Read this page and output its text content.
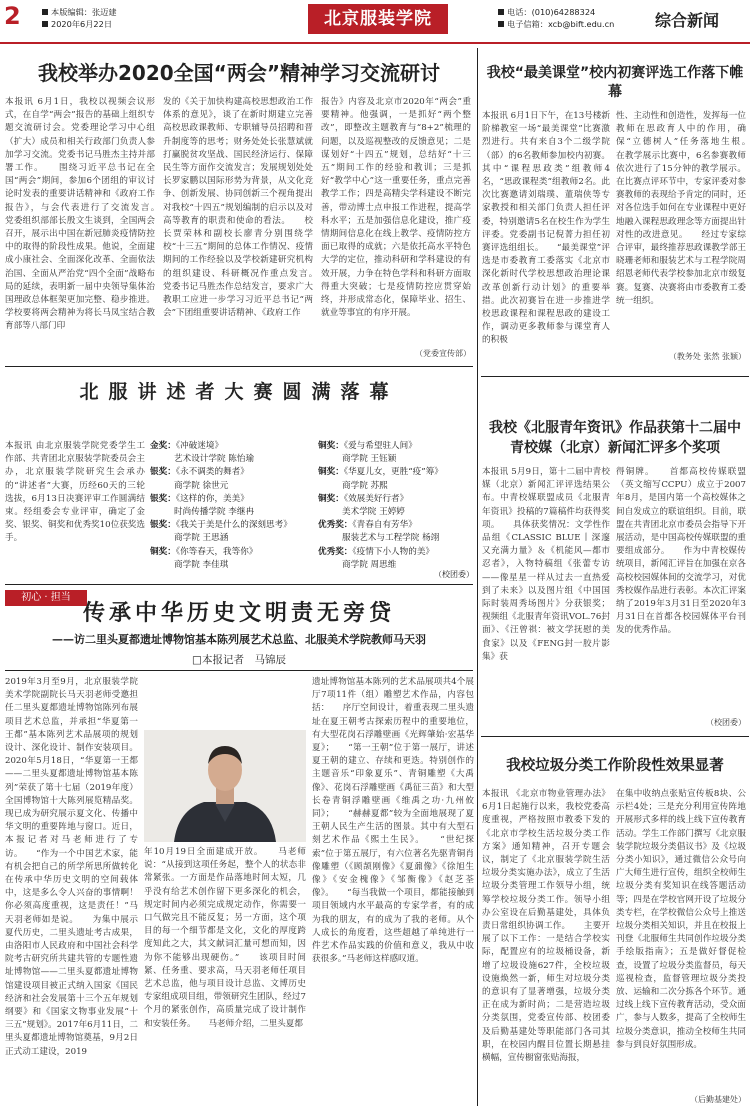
2	本版编辑：张迈建
2020年6月22日	北京服装学院	电话：(010)64288324
电子信箱：xcb@bift.edu.cn	综合新闻
我校举办2020全国“两会”精神学习交流研讨
本报讯 6月1日，我校以视频会议形式，在自学“两会”报告的基础上组织专题交流研讨会。党委理论学习中心组（扩大）成员和相关行政部门负责人参加学习交流。党委书记马胜杰主持并部署工作。　　围绕习近平总书记在全国“两会”期间，参加6个团组的审议讨论时发表的重要讲话精神和《政府工作报告》，与会代表进行了交流发言。　　党委组织部部长殷文生谈到，全国两会召开，展示出中国在新冠肺炎疫情防控中的取得的阶段性成果。他说，全面建成小康社会、全面深化改革、全面依法治国、全面从严治党“四个全面”战略布局的延续，表明新一届中央领导集体治国理政总体框架更加完整、稳步推进。学校要将两会精神为将长马凤宝结合教育部等八部门印
发的《关于加快构建高校思想政治工作体系的意见》，谈了在新时期建立完善高校思政课教师、专职辅导员招聘和晋升制度等的思考；财务处处长张慧斌就打赢脱贫攻坚战、国民经济运行、保障民生等方面作交流发言；发展规划处处长罗家鹏以国际形势为背景，从文化竞争、创新发展、协同创新三个视角提出对我校“十四五”规划编制的启示以及对高等教育的职责和使命的看法。　　校长贾荣林和副校长廖青分别围绕学校“十三五”期间的总体工作情况、疫情期间的工作经验以及学校新建研究机构的组织建设、科研概况作重点发言。　　党委书记马胜杰作总结发言，要求广大教职工应进一步学习习近平总书记“两会”下团组重要讲话精神、《政府工作
报告》内容及北京市2020年“两会”重要精神。他强调，一是抓好“两个整改”，即整改主题教育与“8+2”梳理的问题，以及巡视整改的反馈意见；二是谋划好“十四五”规划，总结好“十三五”期间工作的经验和教训；三是抓好“教学中心”这一重要任务，重点完善教学工作；四是高精尖学科建设不断完善，带动博士点申报工作进程，提高学科水平；五是加强信息化建设，推广疫情期间信息化在线上教学、疫情防控方面已取得的成就；六是依托高水平特色大学的定位，推动科研和学科建设的有效开展，力争在特色学科和科研方面取得重大突破；七是疫情防控应贯穿始终，并形成常态化，保障毕业、招生、就业等事宜的有序开展。
（党委宣传部）
北服讲述者大赛圆满落幕
本报讯 由北京服装学院党委学生工作部、共青团北京服装学院委员会主办，北京服装学院研究生会承办的“讲述者”大赛，历经60天的三轮选拔，6月13日决赛评审工作圆满结束。经组委会专业评审，确定了金奖、银奖、铜奖和优秀奖10位获奖选手。
金奖：《冲破迷境》
艺术设计学院 陈怡瑜
银奖：《永不调类的舞者》
商学院 徐世元
银奖：《这样的你，美美》
时尚传播学院 李继冉
银奖：《我关于美是什么的深刻思考》
商学院 王思涵
铜奖：《你等春天，我等你》
商学院 李佳琪
铜奖：《爱与希望驻人间》
商学院 王钰颖
铜奖：《华夏儿女，更胜“疫”筹》
商学院 苏熙
铜奖：《效展美好行者》
美术学院 王婷婷
优秀奖：《青春自有芳华》
服装艺术与工程学院 杨翊
优秀奖：《疫情下小人物的美》
商学院 周思维
（校团委）
初心 · 担当
传承中华历史文明责无旁贷
——访二里头夏都遗址博物馆基本陈列展艺术总监、北服美术学院教师马天羽
□本报记者　马锦辰
2019年3月至9月，北京服装学院美术学院副院长马天羽老师受邀担任二里头夏都遗址博物馆陈列布展项目艺术总监，并承担“华夏第一王都”基本陈列艺术品展项的规划设计、深化设计、制作安装项目。2020年5月18日，“华夏第一王都——二里头夏都遗址博物馆基本陈列”荣获了第十七届（2019年度）全国博物馆十大陈列展览精品奖。现已成为研究展示夏文化、传播中华文明的重要阵地与窗口。近日，本报记者对马老师进行了专访。　　“作为一个中国艺术家，能有机会把自己的所学所思所做转化在传承中华历史文明的空间载体中，这是多么令人兴奋的事情啊！你必须高度重视，这是责任！”马天羽老师如是说。　　为集中展示夏代历史，二里头遗址考古成果，由洛阳市人民政府和中国社会科学院考古研究所共建共管的专题性遗址博物馆——二里头夏都遗址博物馆建设项目被正式纳入国家《国民经济和社会发展第十三个五年规划纲要》和《国家文物事业发展“十三五”规划》。2017年6月11日，二里头夏都遗址博物馆奠基，9月2日正式动工建设，2019
年10月19日全面建成开放。　　马老师说：“从接到这项任务起，整个人的状态非常紧张。一方面是作品落地时间太短，几乎没有给艺术创作留下更多深化的机会，规定时间内必须完成规定动作，你需要一口气做完且不能反复；另一方面，这个项目的每一个细节都是文化，文化的厚度跨度知此之大，其文献词汇量可想而知，因为你不能够出现硬伤。”　　该项目时间紧、任务重、要求高，马天羽老师任项目艺术总监，他与项目设计总监、文博历史专家组成项目组，带领研究生团队，经过7个月的紧张创作，高质量完成了设计制作和安装任务。　　马老师介绍，二里头夏都
遗址博物馆基本陈列的艺术品展项共4个展厅7项11件（组）雕塑艺术作品，内容包括：　　序厅空间设计，着重表现二里头遗址在夏王朝考古探索历程中的重要地位，有大型花岗石浮雕壁画《光辉肇始·宏基华夏》；　　“第一王朝”位于第一展厅，讲述夏王朝的建立、存续和更迭。特别创作的主题音乐“印象夏乐”、青铜雕塑《大禹像》、花岗石浮雕壁画《禹征三苗》和大型长卷青铜浮雕壁画《维禹之功·九州攸同》；　　“赫赫夏都”较为全面地展现了夏王朝人民生产生活的图景。其中有大型石刻艺术作品《熙土生民》。　　“世纪探索”位于第五展厅，有六位著名先驱青铜肖像雕塑（《顾颉刚像》《夏鼐像》《徐旭生像》《安金槐像》《邹衡像》《赵芝荃像》。　　“每当我做一个项目，都能接触到项目领域内水平最高的专家学者，有的成为我的朋友，有的成为了我的老师。从个人成长的角度看，这些超越了单纯进行一件艺术作品实践的价值和意义，我从中收获很多。”马老师这样感叹道。
我校“最美课堂”校内初赛评选工作落下帷幕
本报讯 6月1日下午，在13号楼新阶梯教室一场“最美课堂”比赛激烈进行。共有来自3个二级学院（部）的6名教师参加校内初赛。其中“课程思政类”组教师4名，“思政课程类”组教师2名。此次比赛邀请刘瑞璞、董瑞侠等专家教授和相关部门负责人担任评委，特别邀请5名在校生作为学生评委。党委副书记倪菁力担任初赛评选组组长。　　“最美课堂”评选是市委教育工委落实《北京市深化新时代学校思想政治理论课改革创新行动计划》的重要举措。此次初赛旨在进一步推进学校思政课程和课程思政的建设工作，调动更多教师参与课堂育人的积极
性、主动性和创造性，发挥每一位教师在思政育人中的作用，确保“立德树人”任务落地生根。　　在教学展示比赛中，6名参赛教师依次进行了15分钟的教学展示。在比赛点评环节中，专家评委对参赛教师的表现给予肯定的同时，还对各位选手如何在专业课程中更好地融入课程思政理念等方面提出针对性的改进意见。　　经过专家综合评审，最终推荐思政课教学部王晓珊老师和服装艺术与工程学院周绍恩老师代表学校参加北京市级复赛。复赛、决赛将由市委教育工委统一组织。
（教务处 张然 张颖）
我校《北服青年资讯》作品获第十二届中青校媒（北京）新闻汇评多个奖项
本报讯 5月9日，第十二届中青校媒（北京）新闻汇评评选结果公布。中青校媒联盟成员《北服青年资讯》投稿的7篇稿件均获得奖项。　　具体获奖情况：文学性作品组《CLASSIC BLUE丨深邃又充满力量》＆《机能风—都市忍者》，入物特稿组《张蕾专访——像星星一样从过去一直热爱到了未来》以及图片组《中国国际时装周秀场图片》分获银奖；视频组《北服青年资讯VOL.76封面》、《汪曾祺：被文学抚慰的美食家》以及《FENG封一胶片影集》获
得铜牌。　　首都高校传媒联盟（英文缩写CCPU）成立于2007年8月，是国内第一个高校媒体之间自发成立的联谊组织。目前，联盟在共青团北京市委员会指导下开展活动，是中国高校传媒联盟的重要组成部分。　　作为中青校媒传统项目，新闻汇评旨在加强在京各高校校园媒体间的交流学习，对优秀校媒作品进行表彰。本次汇评案纳了2019年3月31日至2020年3月31日在首都各校园媒体平台刊发的优秀作品。
（校团委）
我校垃圾分类工作阶段性效果显著
本报讯 《北京市物业管理办法》6月1日起施行以来，我校党委高度重视，严格按照市教委下发的《北京市学校生活垃圾分类工作方案》通知精神，召开专题会议，制定了《北京服装学院生活垃圾分类实施办法》，成立了生活垃圾分类管理工作领导小组，统筹学校垃圾分类工作。领导小组办公室设在后勤基建处，具体负责日常组织协调工作。　　主要开展了以下工作：一是结合学校实际，配置应有的垃圾桶设备，新增了垃圾设施627件，全校垃圾设施焕然一新，师生对垃圾分类的意识有了显著增强，垃圾分类正在成为新时尚；二是营造垃圾分类氛围，党委宣传部、校团委及后勤基建处等职能部门各司其职，在校园内醒目位置长期悬挂横幅，宣传橱窗张贴海报，
在集中收纳点张贴宣传板8块、公示栏4处；三是充分利用宣传阵地开展形式多样的线上线下宣传教育活动。学生工作部门撰写《北京服装学院垃圾分类倡议书》及《垃圾分类小知识》，通过微信公众号向广大师生进行宣传，组织全校师生垃圾分类有奖知识在线答题活动等；四是在学校官网开设了垃圾分类专栏，在学校微信公众号上推送垃圾分类相关知识，并且在校报上刊登《北服师生共同创作垃圾分类手绘版指南》；五是做好督促检查，设置了垃圾分类监督员，每天巡视检查，监督管理垃圾分类投放、运输和二次分拣各个环节。通过线上线下宣传教育活动，受众面广，参与人数多，提高了全校师生垃圾分类意识，推动全校师生共同参与到良好氛围形成。
（后勤基建处）
